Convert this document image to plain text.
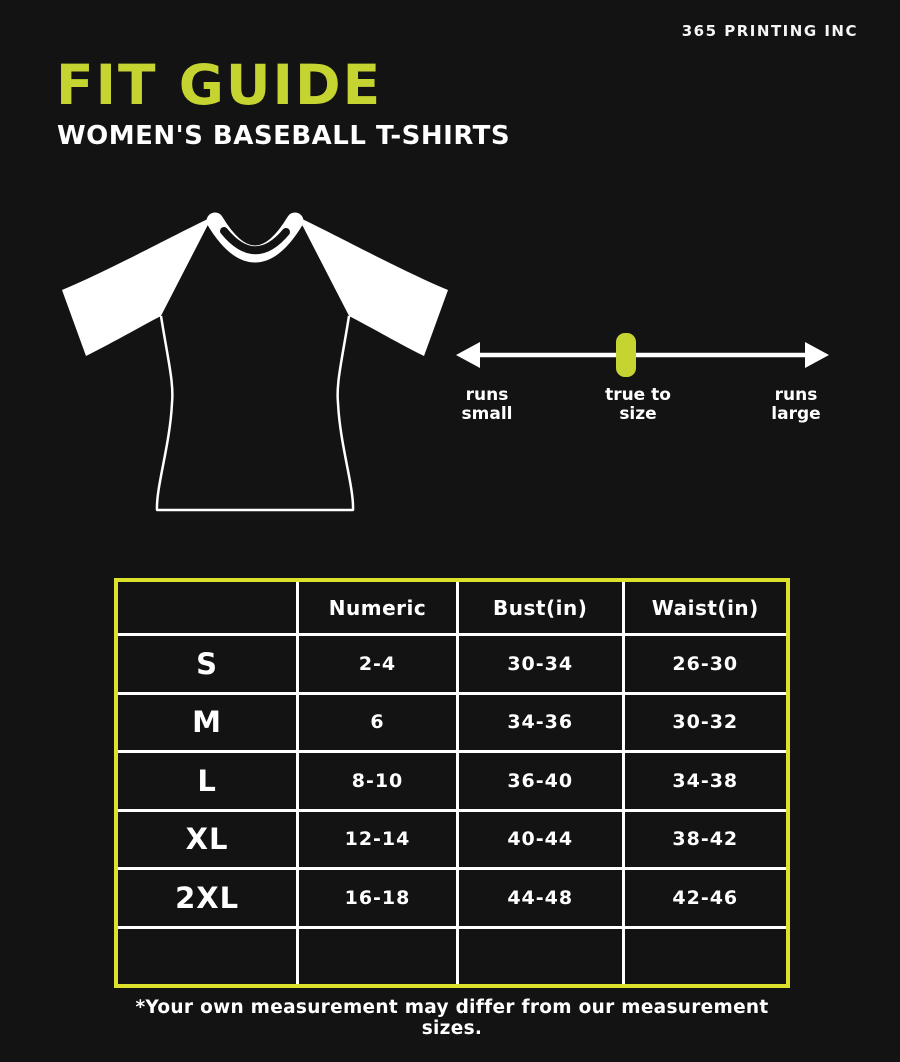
365 PRINTING INC
FIT GUIDE
WOMEN'S BASEBALL T-SHIRTS
runs
small
true to
size
runs
large
	Numeric	Bust(in)	Waist(in)
S	2-4	30-34	26-30
M	6	34-36	30-32
L	8-10	36-40	34-38
XL	12-14	40-44	38-42
2XL	16-18	44-48	42-46

*Your own measurement may differ from our measurement sizes.
